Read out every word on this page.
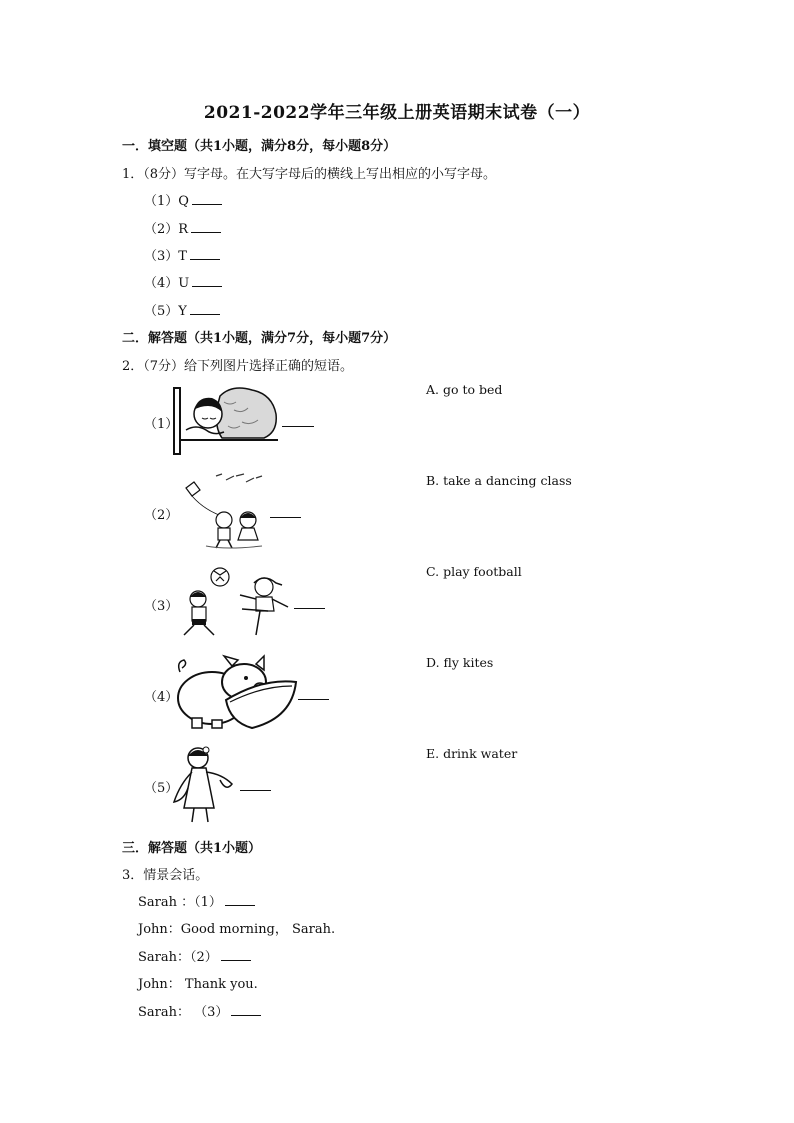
2021-2022学年三年级上册英语期末试卷（一）
一．填空题（共1小题，满分8分，每小题8分）
1．（8分）写字母。在大写字母后的横线上写出相应的小写字母。
（1）Q
（2）R
（3）T
（4）U
（5）Y
二．解答题（共1小题，满分7分，每小题7分）
2．（7分）给下列图片选择正确的短语。
（1）
（2）
（3）
（4）
（5）
A. go to bed
B. take a dancing class
C. play football
D. fly kites
E. drink water
三．解答题（共1小题）
3．情景会话。
Sarah ：（1）
John：Good morning， Sarah.
Sarah：（2）
John： Thank you.
Sarah： （3）
